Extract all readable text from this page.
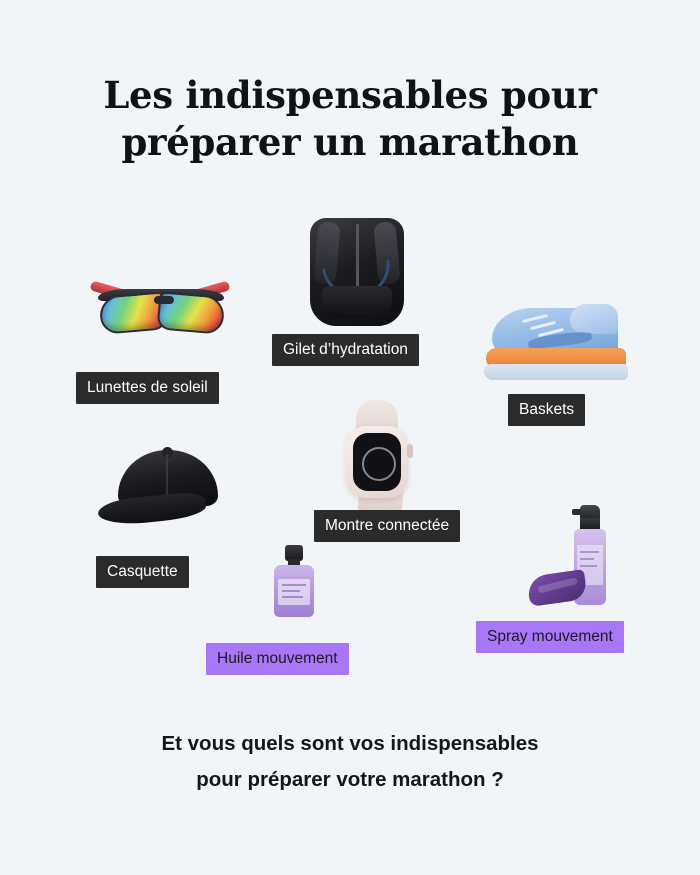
Les indispensables pour
préparer un marathon
Lunettes de soleil
Gilet d’hydratation
Baskets
Casquette
Montre connectée
Huile mouvement
Spray mouvement
Et vous quels sont vos indispensables
pour préparer votre marathon ?
